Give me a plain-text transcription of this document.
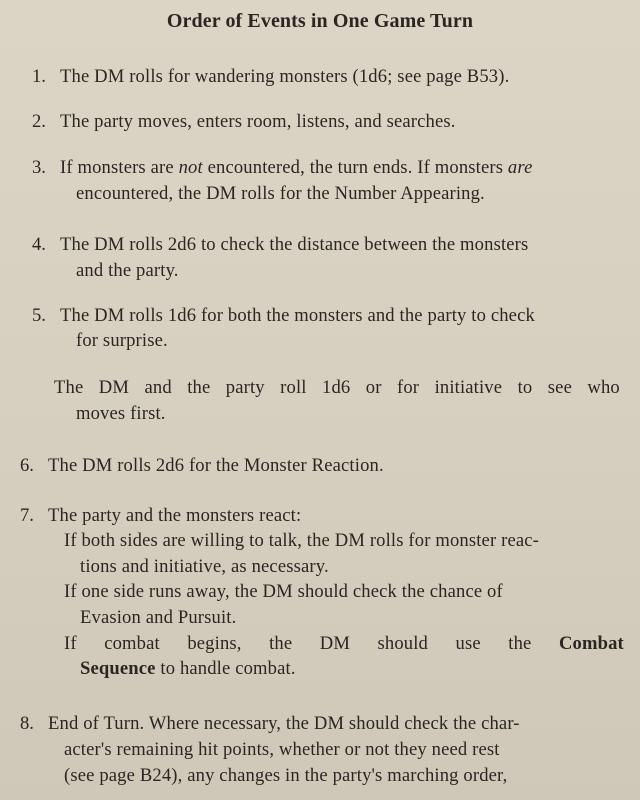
Order of Events in One Game Turn
1. The DM rolls for wandering monsters (1d6; see page B53).
2. The party moves, enters room, listens, and searches.
3. If monsters are not encountered, the turn ends. If monsters are
encountered, the DM rolls for the Number Appearing.
4. The DM rolls 2d6 to check the distance between the monsters
and the party.
5. The DM rolls 1d6 for both the monsters and the party to check
for surprise.
The DM and the party roll 1d6 or for initiative to see who
moves first.
6. The DM rolls 2d6 for the Monster Reaction.
7. The party and the monsters react:
If both sides are willing to talk, the DM rolls for monster reac-
tions and initiative, as necessary.
If one side runs away, the DM should check the chance of
Evasion and Pursuit.
If combat begins, the DM should use the Combat
Sequence to handle combat.
8. End of Turn. Where necessary, the DM should check the char-
acter's remaining hit points, whether or not they need rest
(see page B24), any changes in the party's marching order,
